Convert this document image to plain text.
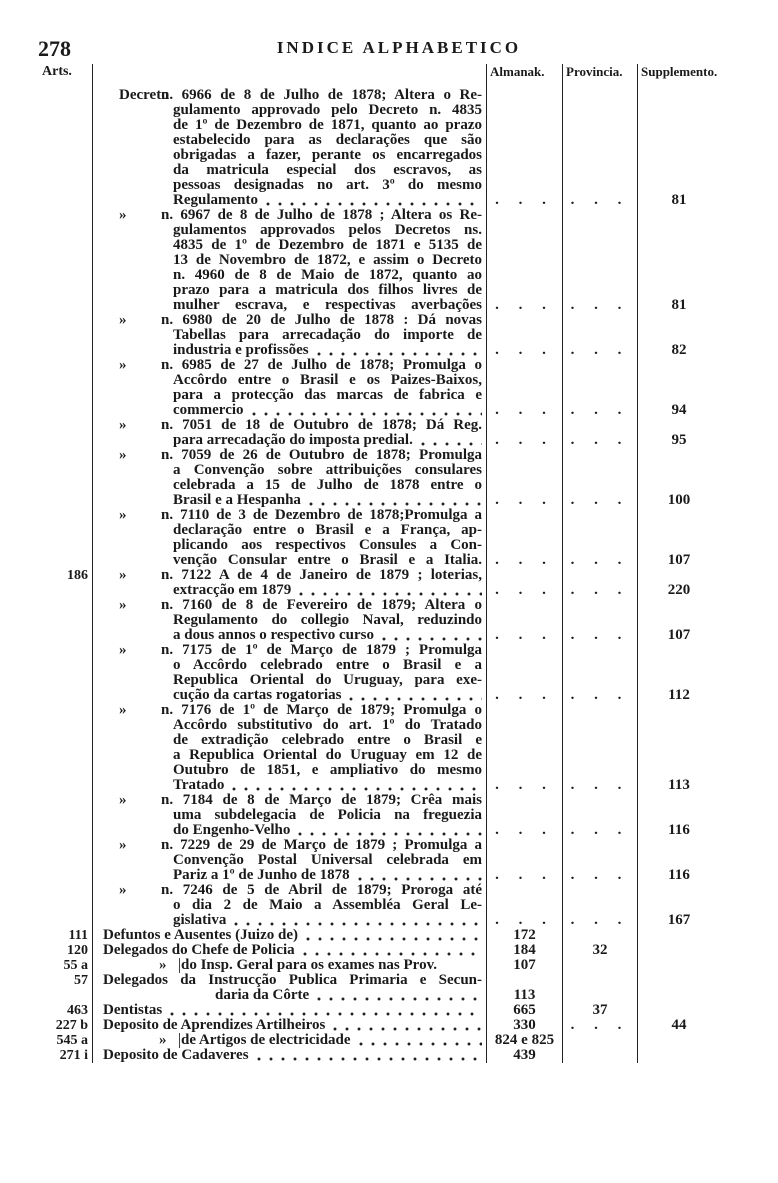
278	INDICE ALPHABETICO
Arts.	Almanak.	Provincia.	Supplemento.
Decreto
n. 6966 de 8 de Julho de 1878; Altera o Re-
gulamento approvado pelo Decreto n. 4835
de 1º de Dezembro de 1871, quanto ao prazo
estabelecido para as declarações que são
obrigadas a fazer, perante os encarregados
da matricula especial dos escravos, as
pessoas designadas no art. 3º do mesmo
Regulamento	. . .	. . .	81
» n. 6967 de 8 de Julho de 1878 ; Altera os Re-
gulamentos approvados pelos Decretos ns.
4835 de 1º de Dezembro de 1871 e 5135 de
13 de Novembro de 1872, e assim o Decreto
n. 4960 de 8 de Maio de 1872, quanto ao
prazo para a matricula dos filhos livres de
mulher escrava, e respectivas averbações . . .	. . .	81
» n. 6980 de 20 de Julho de 1878 : Dá novas
Tabellas para arrecadação do importe de
industria e profissões	. . .	. . .	82
» n. 6985 de 27 de Julho de 1878; Promulga o
Accôrdo entre o Brasil e os Paizes-Baixos,
para a protecção das marcas de fabrica e
commercio	. . .	. . .	94
» n. 7051 de 18 de Outubro de 1878; Dá Reg.
para arrecadação do imposta predial.	. . .	. . .	95
» n. 7059 de 26 de Outubro de 1878; Promulga
a Convenção sobre attribuições consulares
celebrada a 15 de Julho de 1878 entre o
Brasil e a Hespanha	. . .	. . .	100
» n. 7110 de 3 de Dezembro de 1878;Promulga a
declaração entre o Brasil e a França, ap-
plicando aos respectivos Consules a Con-
venção Consular entre o Brasil e a Italia. . . .	. . .	107
186 » n. 7122 A de 4 de Janeiro de 1879 ; loterias,
extracção em 1879	. . .	. . .	220
» n. 7160 de 8 de Fevereiro de 1879; Altera o
Regulamento do collegio Naval, reduzindo
a dous annos o respectivo curso	. . .	. . .	107
» n. 7175 de 1º de Março de 1879 ; Promulga
o Accôrdo celebrado entre o Brasil e a
Republica Oriental do Uruguay, para exe-
cução da cartas rogatorias	. . .	. . .	112
» n. 7176 de 1º de Março de 1879; Promulga o
Accôrdo substitutivo do art. 1º do Tratado
de extradição celebrado entre o Brasil e
a Republica Oriental do Uruguay em 12 de
Outubro de 1851, e ampliativo do mesmo
Tratado	. . .	. . .	113
» n. 7184 de 8 de Março de 1879; Crêa mais
uma subdelegacia de Policia na freguezia
do Engenho-Velho	. . .	. . .	116
» n. 7229 de 29 de Março de 1879 ; Promulga a
Convenção Postal Universal celebrada em
Pariz a 1º de Junho de 1878	. . .	. . .	116
» n. 7246 de 5 de Abril de 1879; Proroga até
o dia 2 de Maio a Assembléa Geral Le-
gislativa	. . .	. . .	167
111 Defuntos e Ausentes (Juizo de)	172
120 Delegados do Chefe de Policia	184	32
55 a	» do Insp. Geral para os exames nas Prov.	107
57 Delegados da Instrucção Publica Primaria e Secun-
daria da Côrte	113
463 Dentistas	665	37
227 b Deposito de Aprendizes Artilheiros	330	. . .	44
545 a	» de Artigos de electricidade	824 e 825
271 i Deposito de Cadaveres	439
